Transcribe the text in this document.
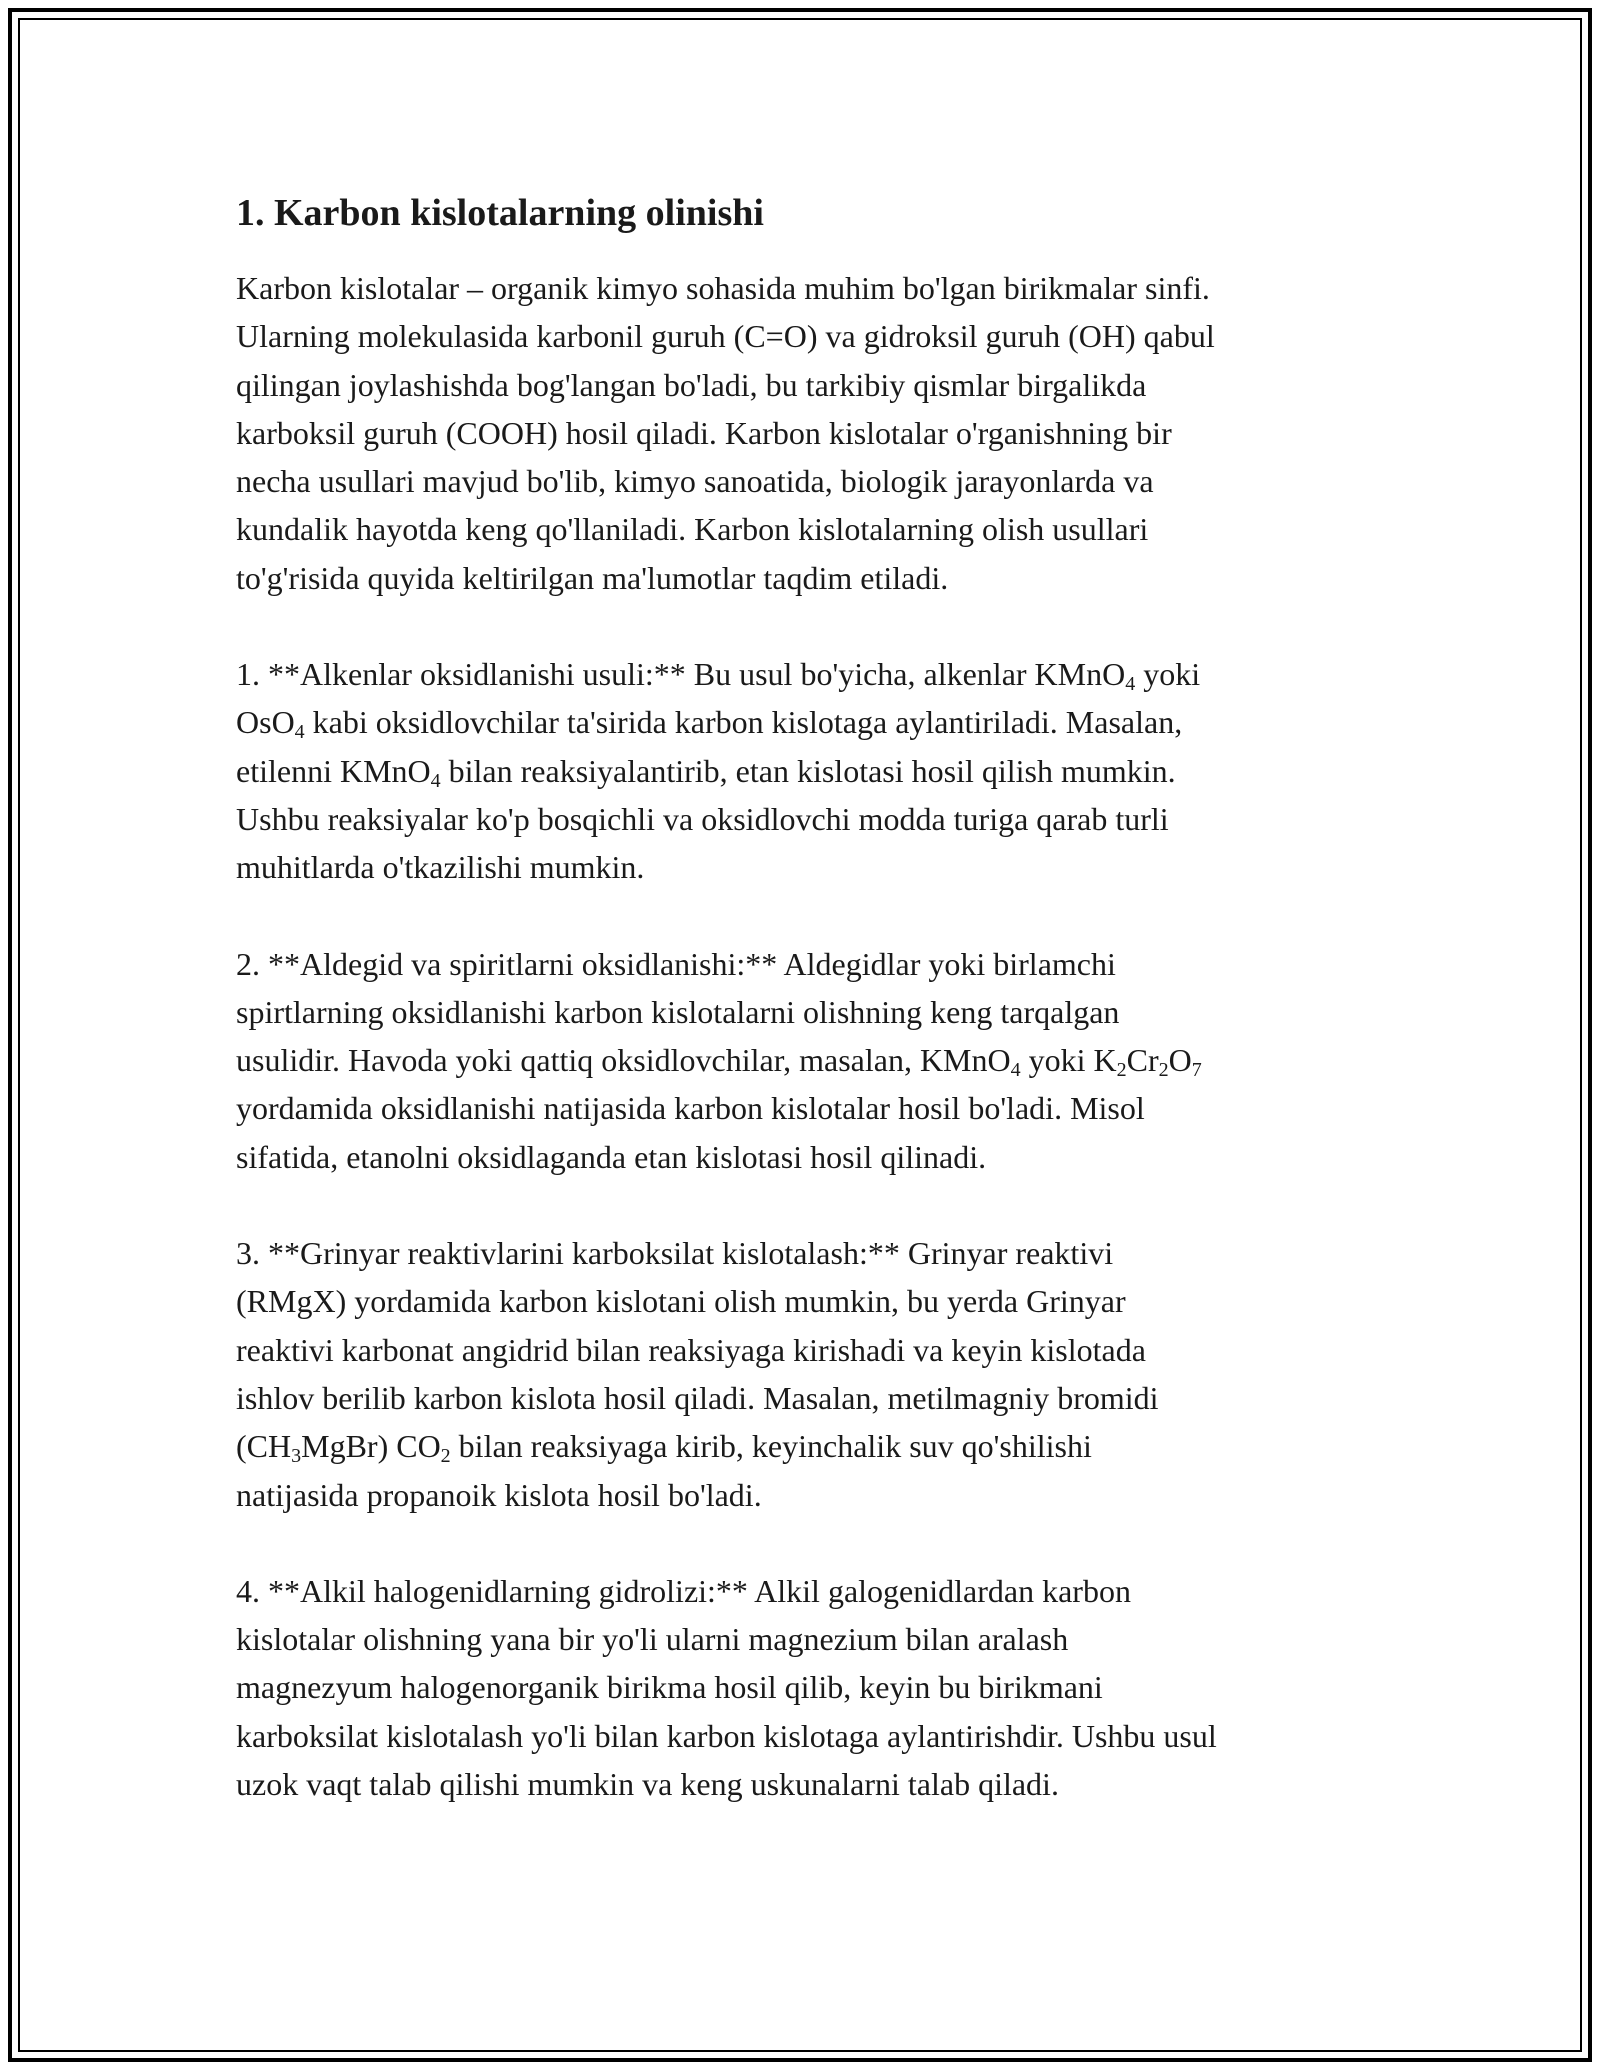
1. Karbon kislotalarning olinishi

Karbon kislotalar – organik kimyo sohasida muhim bo'lgan birikmalar sinfi.
Ularning molekulasida karbonil guruh (C=O) va gidroksil guruh (OH) qabul
qilingan joylashishda bog'langan bo'ladi, bu tarkibiy qismlar birgalikda
karboksil guruh (COOH) hosil qiladi. Karbon kislotalar o'rganishning bir
necha usullari mavjud bo'lib, kimyo sanoatida, biologik jarayonlarda va
kundalik hayotda keng qo'llaniladi. Karbon kislotalarning olish usullari
to'g'risida quyida keltirilgan ma'lumotlar taqdim etiladi.

1. **Alkenlar oksidlanishi usuli:** Bu usul bo'yicha, alkenlar KMnO$_4$ yoki
OsO$_4$ kabi oksidlovchilar ta'sirida karbon kislotaga aylantiriladi. Masalan,
etilenni KMnO$_4$ bilan reaksiyalantirib, etan kislotasi hosil qilish mumkin.
Ushbu reaksiyalar ko'p bosqichli va oksidlovchi modda turiga qarab turli
muhitlarda o'tkazilishi mumkin.

2. **Aldegid va spiritlarni oksidlanishi:** Aldegidlar yoki birlamchi
spirtlarning oksidlanishi karbon kislotalarni olishning keng tarqalgan
usulidir. Havoda yoki qattiq oksidlovchilar, masalan, KMnO$_4$ yoki $K_2Cr_2O_7$
yordamida oksidlanishi natijasida karbon kislotalar hosil bo'ladi. Misol
sifatida, etanolni oksidlaganda etan kislotasi hosil qilinadi.

3. **Grinyar reaktivlarini karboksilat kislotalash:** Grinyar reaktivi
(RMgX) yordamida karbon kislotani olish mumkin, bu yerda Grinyar
reaktivi karbonat angidrid bilan reaksiyaga kirishadi va keyin kislotada
ishlov berilib karbon kislota hosil qiladi. Masalan, metilmagniy bromidi
$(CH_3MgBr)$ $CO_2$ bilan reaksiyaga kirib, keyinchalik suv qo'shilishi
natijasida propanoik kislota hosil bo'ladi.

4. **Alkil halogenidlarning gidrolizi:** Alkil galogenidlardan karbon
kislotalar olishning yana bir yo'li ularni magnezium bilan aralash
magnezyum halogenorganik birikma hosil qilib, keyin bu birikmani
karboksilat kislotalash yo'li bilan karbon kislotaga aylantirishdir. Ushbu usul
uzok vaqt talab qilishi mumkin va keng uskunalarni talab qiladi.
